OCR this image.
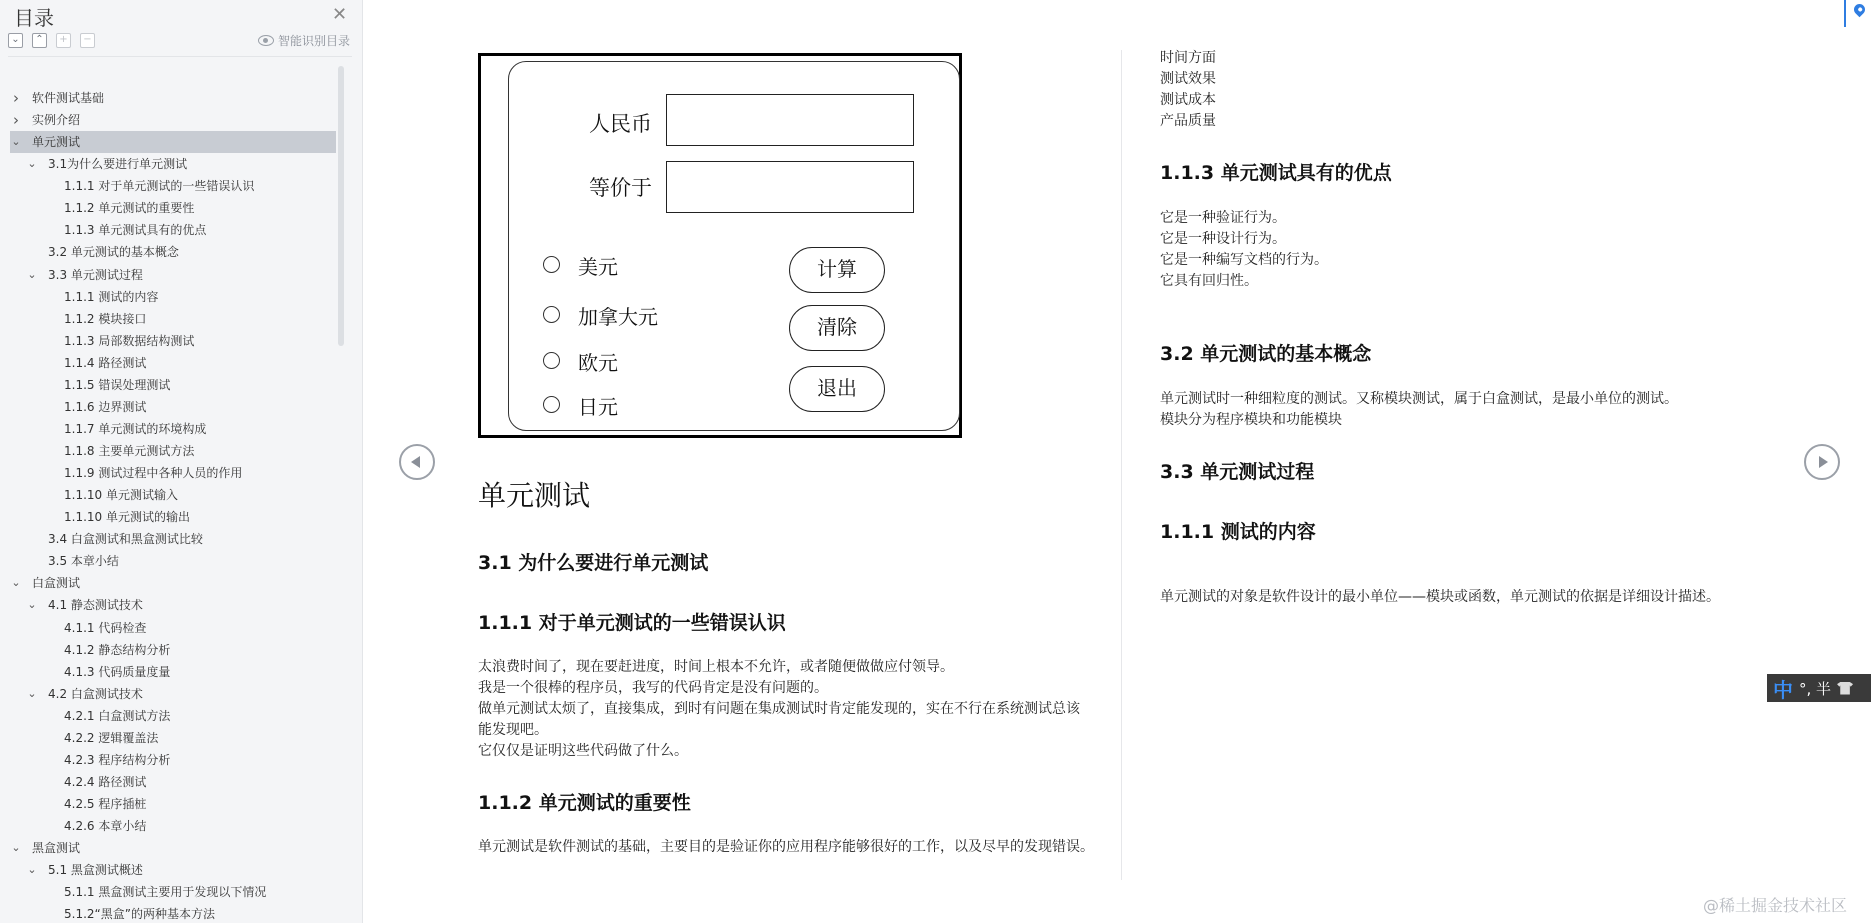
目录	✕
⌄	⌃	+	−	智能识别目录
› 软件测试基础
› 实例介绍
⌄ 单元测试
⌄ 3.1为什么要进行单元测试
1.1.1 对于单元测试的一些错误认识
1.1.2 单元测试的重要性
1.1.3 单元测试具有的优点
3.2 单元测试的基本概念
⌄ 3.3 单元测试过程
1.1.1 测试的内容
1.1.2 模块接口
1.1.3 局部数据结构测试
1.1.4 路径测试
1.1.5 错误处理测试
1.1.6 边界测试
1.1.7 单元测试的环境构成
1.1.8 主要单元测试方法
1.1.9 测试过程中各种人员的作用
1.1.10 单元测试输入
1.1.10 单元测试的输出
3.4 白盒测试和黑盒测试比较
3.5 本章小结
⌄ 白盒测试
⌄ 4.1 静态测试技术
4.1.1 代码检查
4.1.2 静态结构分析
4.1.3 代码质量度量
⌄ 4.2 白盒测试技术
4.2.1 白盒测试方法
4.2.2 逻辑覆盖法
4.2.3 程序结构分析
4.2.4 路径测试
4.2.5 程序插桩
4.2.6 本章小结
⌄ 黑盒测试
⌄ 5.1 黑盒测试概述
5.1.1 黑盒测试主要用于发现以下情况
5.1.2“黑盒”的两种基本方法
人民币
等价于
美元
加拿大元
欧元
日元
计算
清除
退出
单元测试
3.1 为什么要进行单元测试
1.1.1 对于单元测试的一些错误认识
太浪费时间了，现在要赶进度，时间上根本不允许，或者随便做做应付领导。
我是一个很棒的程序员，我写的代码肯定是没有问题的。
做单元测试太烦了，直接集成，到时有问题在集成测试时肯定能发现的，实在不行在系统测试总该
能发现吧。
它仅仅是证明这些代码做了什么。
1.1.2 单元测试的重要性
单元测试是软件测试的基础，主要目的是验证你的应用程序能够很好的工作，以及尽早的发现错误。
时间方面
测试效果
测试成本
产品质量
1.1.3 单元测试具有的优点
它是一种验证行为。
它是一种设计行为。
它是一种编写文档的行为。
它具有回归性。
3.2 单元测试的基本概念
单元测试时一种细粒度的测试。又称模块测试，属于白盒测试，是最小单位的测试。
模块分为程序模块和功能模块
3.3 单元测试过程
1.1.1 测试的内容
单元测试的对象是软件设计的最小单位——模块或函数，单元测试的依据是详细设计描述。
中 °, 半
@稀土掘金技术社区
